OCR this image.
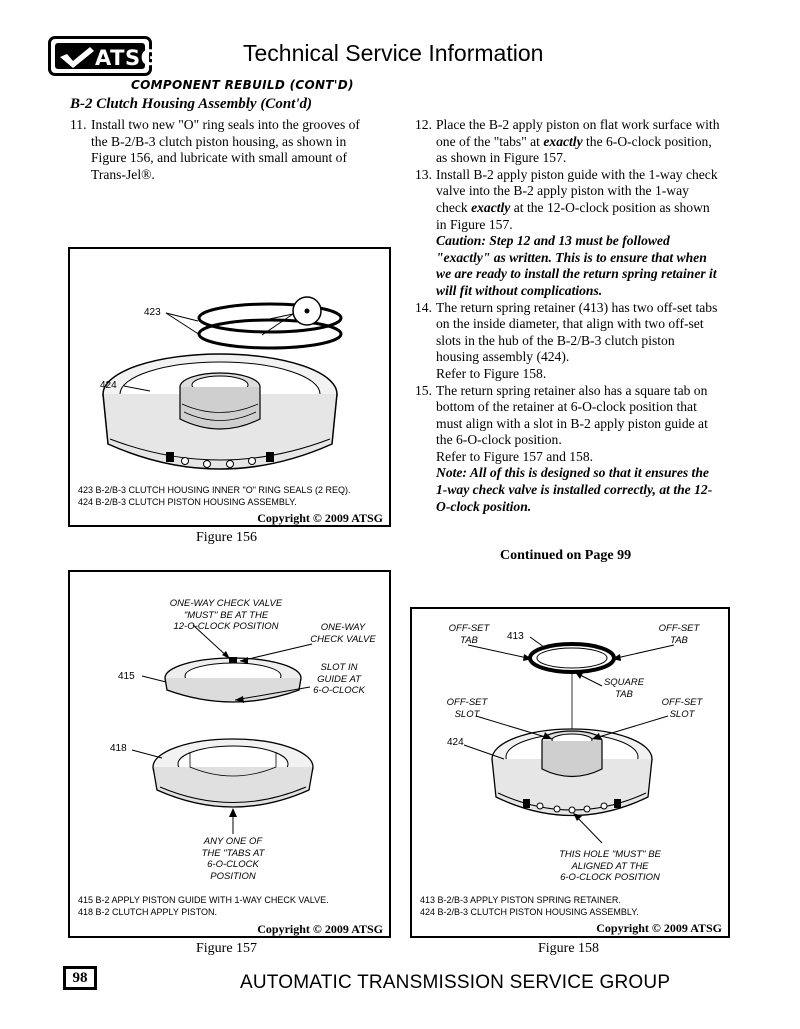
ATSG	Technical Service Information
COMPONENT REBUILD (CONT'D)
B-2 Clutch Housing Assembly (Cont'd)
11. Install two new "O" ring seals into the grooves of the B-2/B-3 clutch piston housing, as shown in Figure 156, and lubricate with small amount of Trans-Jel®.

12. Place the B-2 apply piston on flat work surface with one of the "tabs" at exactly the 6-O-clock position, as shown in Figure 157.

13. Install B-2 apply piston guide with the 1-way check valve into the B-2 apply piston with the 1-way check exactly at the 12-O-clock position as shown in Figure 157.

Caution: Step 12 and 13 must be followed "exactly" as written. This is to ensure that when we are ready to install the return spring retainer it will fit without complications.

14. The return spring retainer (413) has two off-set tabs on the inside diameter, that align with two off-set slots in the hub of the B-2/B-3 clutch piston housing assembly (424).

Refer to Figure 158.

15. The return spring retainer also has a square tab on bottom of the retainer at 6-O-clock position that must align with a slot in B-2 apply piston guide at the 6-O-clock position.

Refer to Figure 157 and 158.

Note: All of this is designed so that it ensures the 1-way check valve is installed correctly, at the 12-O-clock position.

Continued on Page 99
423
424
423 B-2/B-3 CLUTCH HOUSING INNER "O" RING SEALS (2 REQ).
424 B-2/B-3 CLUTCH PISTON HOUSING ASSEMBLY.
Copyright © 2009 ATSG
Figure 156
ONE-WAY CHECK VALVE
"MUST" BE AT THE
12-O-CLOCK POSITION	ONE-WAY
CHECK VALVE
SLOT IN
GUIDE AT
6-O-CLOCK
ANY ONE OF
THE "TABS AT
6-O-CLOCK
POSITION
415
418
415 B-2 APPLY PISTON GUIDE WITH 1-WAY CHECK VALVE.
418 B-2 CLUTCH APPLY PISTON.
Copyright © 2009 ATSG
Figure 157
OFF-SET
TAB
OFF-SET
TAB
SQUARE
TAB
OFF-SET
SLOT
OFF-SET
SLOT
THIS HOLE "MUST" BE
ALIGNED AT THE
6-O-CLOCK POSITION
413
424
413 B-2/B-3 APPLY PISTON SPRING RETAINER.
424 B-2/B-3 CLUTCH PISTON HOUSING ASSEMBLY.
Copyright © 2009 ATSG
Figure 158
98	AUTOMATIC TRANSMISSION SERVICE GROUP
